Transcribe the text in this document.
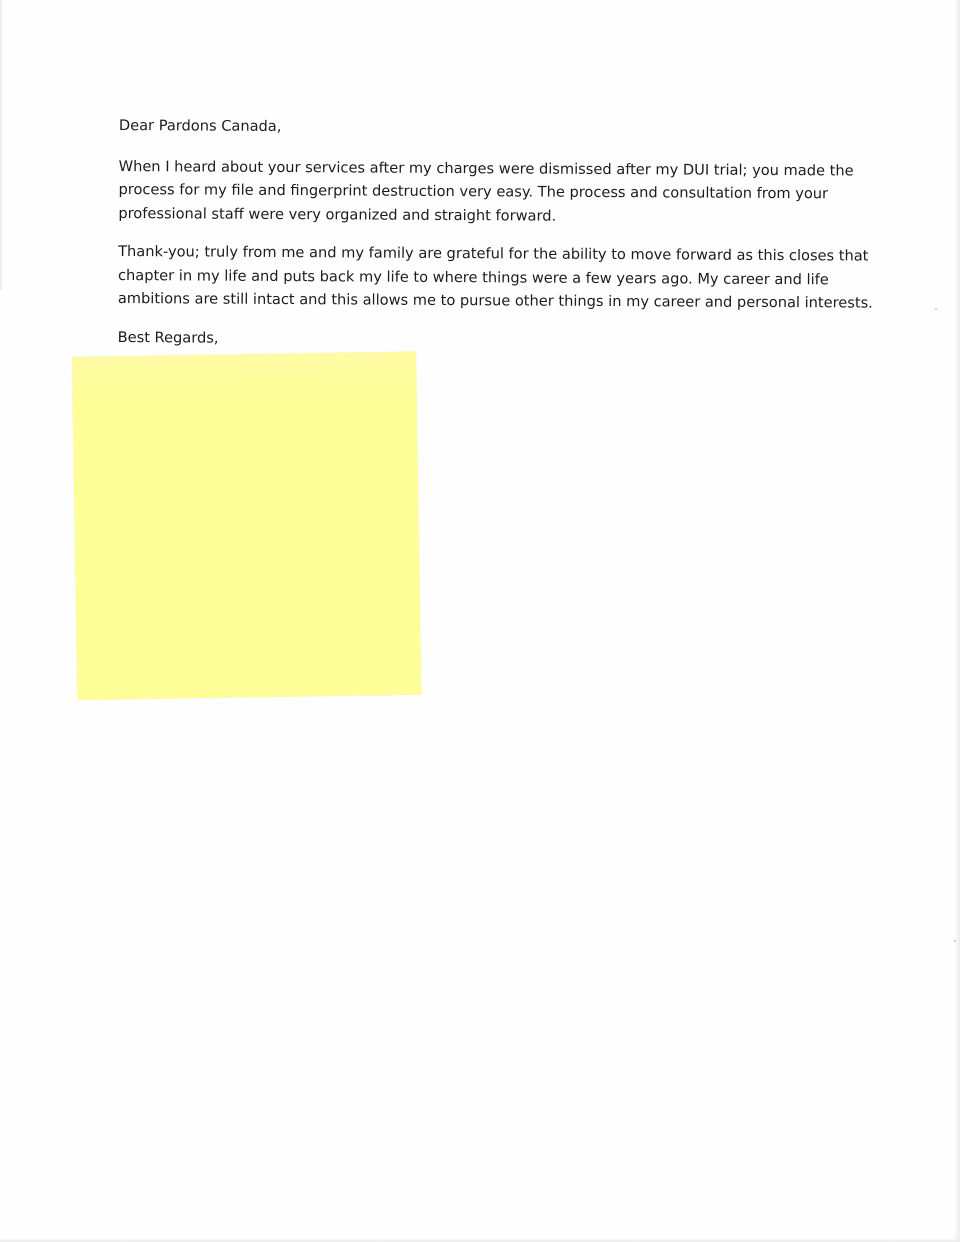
Dear Pardons Canada,

When I heard about your services after my charges were dismissed after my DUI trial; you made the
process for my file and fingerprint destruction very easy. The process and consultation from your
professional staff were very organized and straight forward.

Thank-you; truly from me and my family are grateful for the ability to move forward as this closes that
chapter in my life and puts back my life to where things were a few years ago. My career and life
ambitions are still intact and this allows me to pursue other things in my career and personal interests.

Best Regards,
